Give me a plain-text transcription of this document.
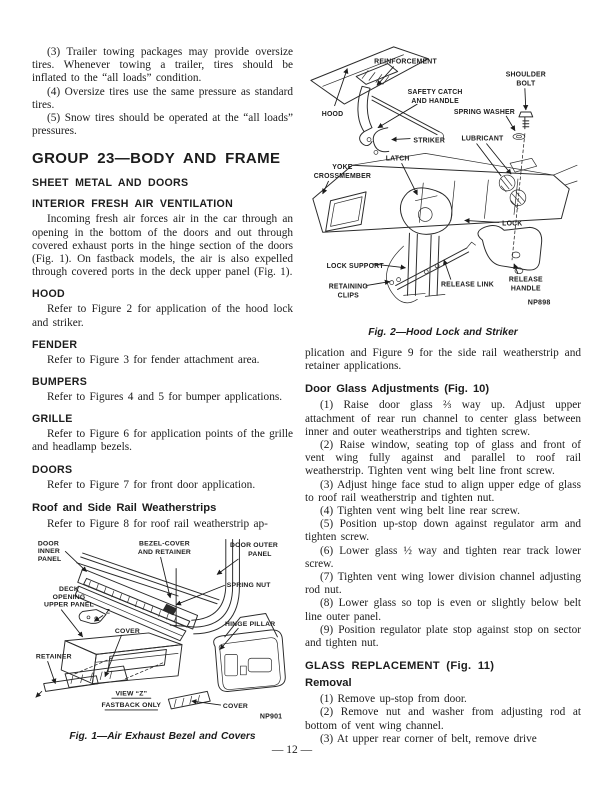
(3) Trailer towing packages may provide oversize tires. Whenever towing a trailer, tires should be inflated to the “all loads” condition.

(4) Oversize tires use the same pressure as standard tires.

(5) Snow tires should be operated at the “all loads” pressures.

GROUP 23—BODY AND FRAME
SHEET METAL AND DOORS
INTERIOR FRESH AIR VENTILATION

Incoming fresh air forces air in the car through an opening in the bottom of the doors and out through covered exhaust ports in the hinge section of the doors (Fig. 1). On fastback models, the air is also expelled through covered ports in the deck upper panel (Fig. 1).

HOOD

Refer to Figure 2 for application of the hood lock and striker.

FENDER

Refer to Figure 3 for fender attachment area.

BUMPERS

Refer to Figures 4 and 5 for bumper applications.

GRILLE

Refer to Figure 6 for application points of the grille and headlamp bezels.

DOORS

Refer to Figure 7 for front door application.

Roof and Side Rail Weatherstrips

Refer to Figure 8 for roof rail weatherstrip ap-

DOOR
INNER
PANEL
BEZEL-COVER
AND RETAINER
DOOR OUTER
PANEL
SPRING NUT
DECK
OPENING
UPPER PANEL
Z
HINGE PILLAR
COVER
RETAINER
VIEW “Z”
FASTBACK ONLY	COVER
NP901

Fig. 1—Air Exhaust Bezel and Covers

REINFORCEMENT
SHOULDER
BOLT
SAFETY CATCH
AND HANDLE
SPRING WASHER
HOOD
STRIKER LUBRICANT
LATCH
YOKE
CROSSMEMBER
LOCK
LOCK SUPPORT
RETAINING
CLIPS
RELEASE LINK
RELEASE
HANDLE
NP898

Fig. 2—Hood Lock and Striker

plication and Figure 9 for the side rail weatherstrip and retainer applications.

Door Glass Adjustments (Fig. 10)

(1) Raise door glass ⅔ way up. Adjust upper attachment of rear run channel to center glass between inner and outer weatherstrips and tighten screw.

(2) Raise window, seating top of glass and front of vent wing fully against and parallel to roof rail weatherstrip. Tighten vent wing belt line front screw.

(3) Adjust hinge face stud to align upper edge of glass to roof rail weatherstrip and tighten nut.

(4) Tighten vent wing belt line rear screw.

(5) Position up-stop down against regulator arm and tighten screw.

(6) Lower glass ½ way and tighten rear track lower screw.

(7) Tighten vent wing lower division channel adjusting rod nut.

(8) Lower glass so top is even or slightly below belt line outer panel.

(9) Position regulator plate stop against stop on sector and tighten nut.

GLASS REPLACEMENT (Fig. 11)
Removal

(1) Remove up-stop from door.

(2) Remove nut and washer from adjusting rod at bottom of vent wing channel.

(3) At upper rear corner of belt, remove drive

— 12 —
